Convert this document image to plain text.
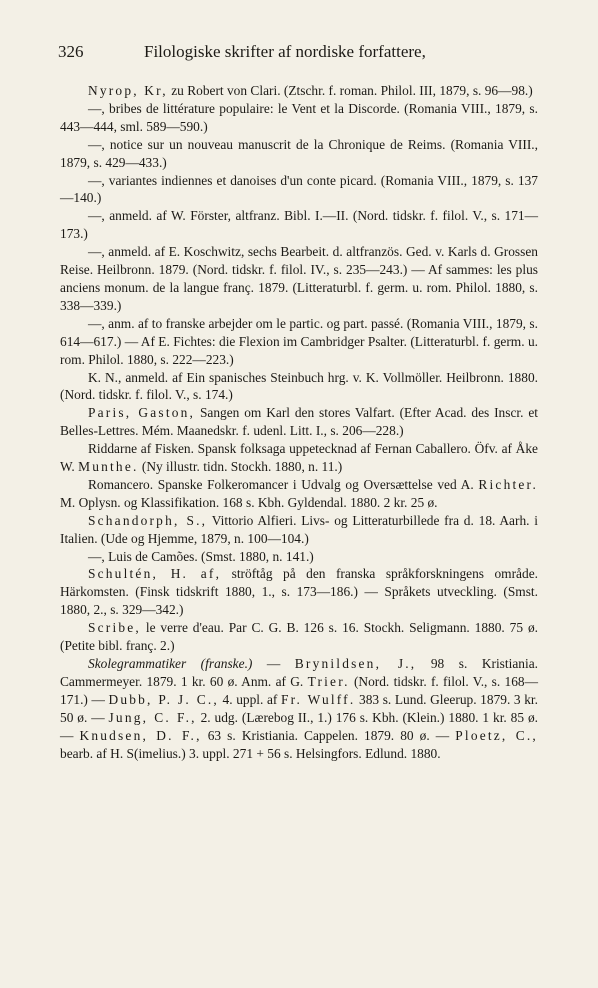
326	Filologiske skrifter af nordiske forfattere,

Nyrop, Kr, zu Robert von Clari. (Ztschr. f. roman. Philol. III, 1879, s. 96—98.)

—, bribes de littérature populaire: le Vent et la Discorde. (Romania VIII., 1879, s. 443—444, sml. 589—590.)

—, notice sur un nouveau manuscrit de la Chronique de Reims. (Romania VIII., 1879, s. 429—433.)

—, variantes indiennes et danoises d'un conte picard. (Romania VIII., 1879, s. 137—140.)

—, anmeld. af W. Förster, altfranz. Bibl. I.—II. (Nord. tidskr. f. filol. V., s. 171—173.)

—, anmeld. af E. Koschwitz, sechs Bearbeit. d. altfranzös. Ged. v. Karls d. Grossen Reise. Heilbronn. 1879. (Nord. tidskr. f. filol. IV., s. 235—243.) — Af sammes: les plus anciens monum. de la langue franç. 1879. (Litteraturbl. f. germ. u. rom. Philol. 1880, s. 338—339.)

—, anm. af to franske arbejder om le partic. og part. passé. (Romania VIII., 1879, s. 614—617.) — Af E. Fichtes: die Flexion im Cambridger Psalter. (Litteraturbl. f. germ. u. rom. Philol. 1880, s. 222—223.)

K. N., anmeld. af Ein spanisches Steinbuch hrg. v. K. Vollmöller. Heilbronn. 1880. (Nord. tidskr. f. filol. V., s. 174.)

Paris, Gaston, Sangen om Karl den stores Valfart. (Efter Acad. des Inscr. et Belles-Lettres. Mém. Maanedskr. f. udenl. Litt. I., s. 206—228.)

Riddarne af Fisken. Spansk folksaga uppetecknad af Fernan Caballero. Öfv. af Åke W. Munthe. (Ny illustr. tidn. Stockh. 1880, n. 11.)

Romancero. Spanske Folkeromancer i Udvalg og Oversættelse ved A. Richter. M. Oplysn. og Klassifikation. 168 s. Kbh. Gyldendal. 1880. 2 kr. 25 ø.

Schandorph, S., Vittorio Alfieri. Livs- og Litteraturbillede fra d. 18. Aarh. i Italien. (Ude og Hjemme, 1879, n. 100—104.)

—, Luis de Camões. (Smst. 1880, n. 141.)

Schultén, H. af, ströftåg på den franska språkforskningens område. Härkomsten. (Finsk tidskrift 1880, 1., s. 173—186.) — Språkets utveckling. (Smst. 1880, 2., s. 329—342.)

Scribe, le verre d'eau. Par C. G. B. 126 s. 16. Stockh. Seligmann. 1880. 75 ø. (Petite bibl. franç. 2.)

Skolegrammatiker (franske.) — Brynildsen, J., 98 s. Kristiania. Cammermeyer. 1879. 1 kr. 60 ø. Anm. af G. Trier. (Nord. tidskr. f. filol. V., s. 168—171.) — Dubb, P. J. C., 4. uppl. af Fr. Wulff. 383 s. Lund. Gleerup. 1879. 3 kr. 50 ø. — Jung, C. F., 2. udg. (Lærebog II., 1.) 176 s. Kbh. (Klein.) 1880. 1 kr. 85 ø. — Knudsen, D. F., 63 s. Kristiania. Cappelen. 1879. 80 ø. — Ploetz, C., bearb. af H. S(imelius.) 3. uppl. 271 + 56 s. Helsingfors. Edlund. 1880.
